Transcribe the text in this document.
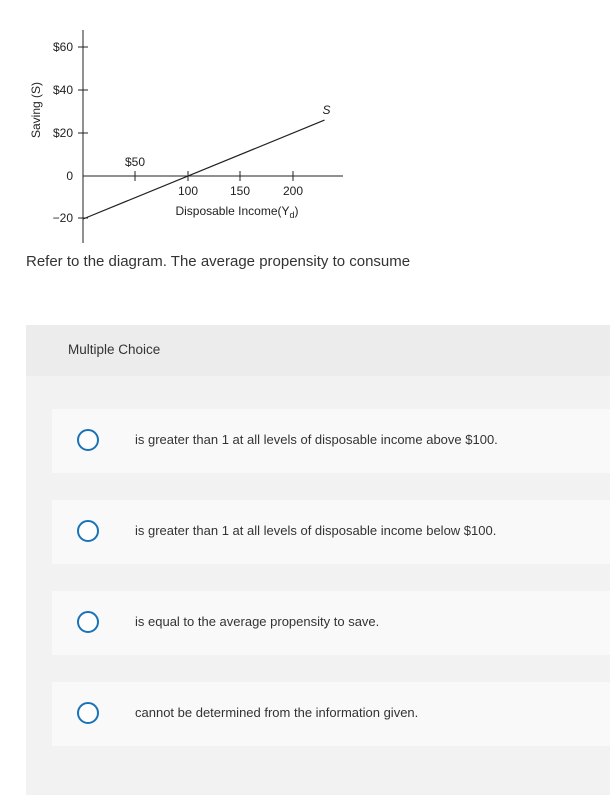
Saving (S)
$60
$40
$20
0
−20
100	150	200
$50
S
Disposable $Income(Y_d)$

Refer to the diagram. The average propensity to consume

Multiple Choice
is greater than 1 at all levels of disposable income above $100.
is greater than 1 at all levels of disposable income below $100.
is equal to the average propensity to save.
cannot be determined from the information given.
